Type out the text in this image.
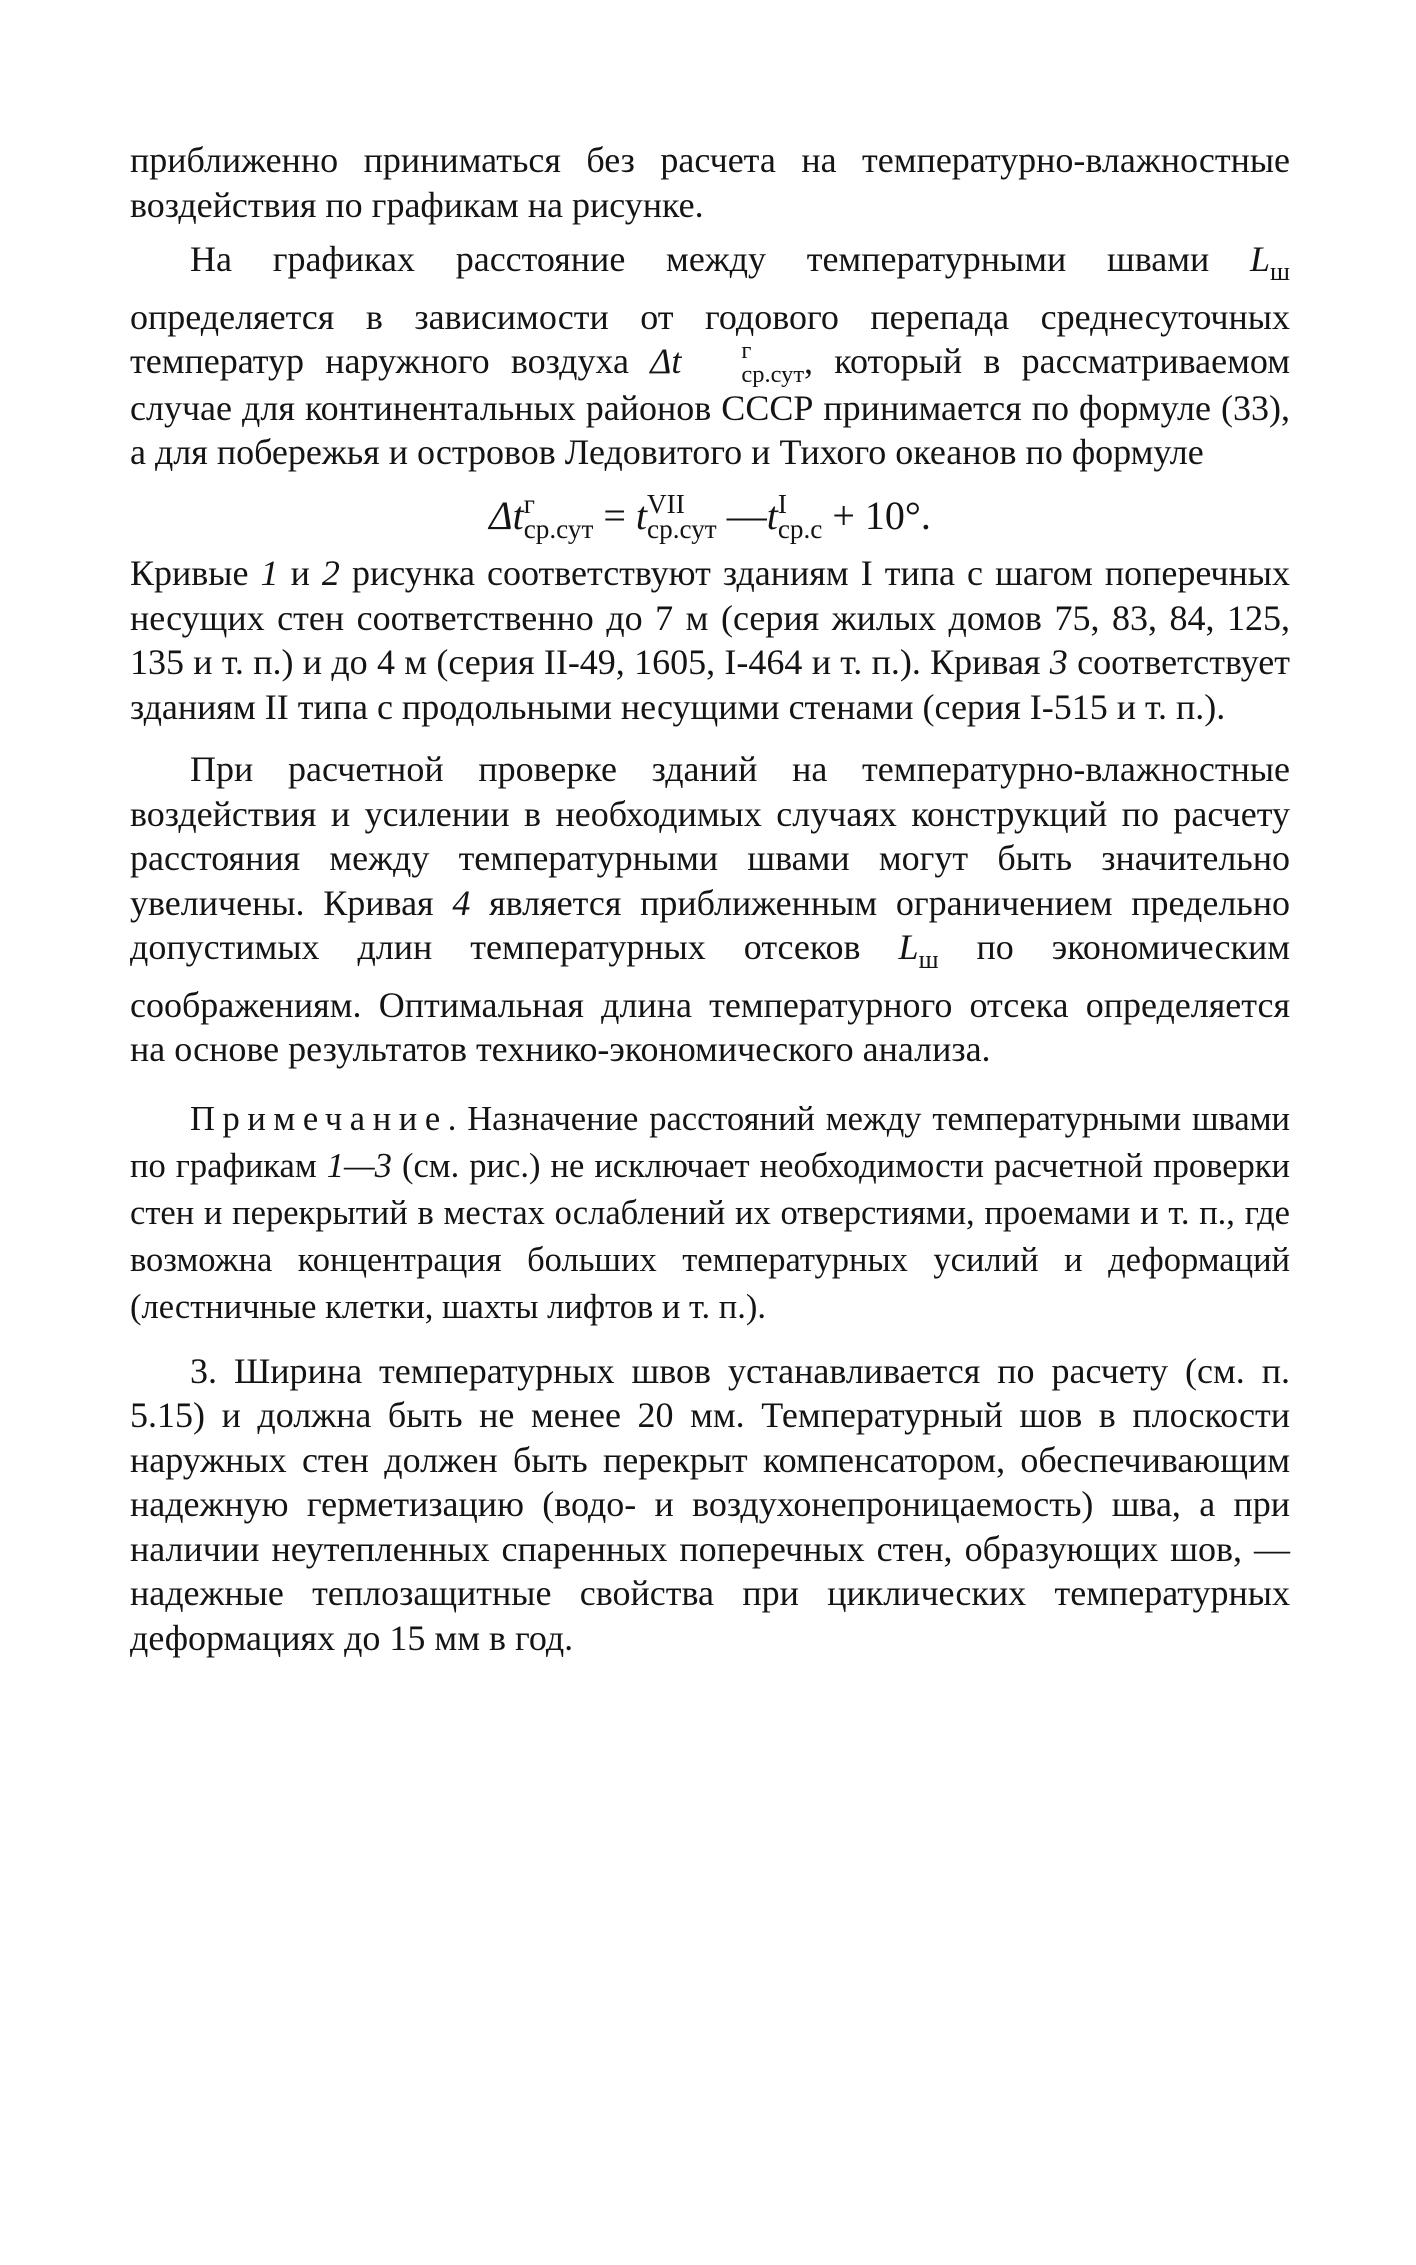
приближенно приниматься без расчета на температурно-влажностные воздействия по графикам на рисунке.

На графиках расстояние между температурными швами $L_ш$ определяется в зависимости от годового перепада среднесуточных температур наружного воздуха Δt	г
ср.сут , который в рассматриваемом случае для континентальных районов СССР принимается по формуле (33), а для побережья и островов Ледовитого и Тихого океанов по формуле

Δt г
ср.сут = t VII
ср.сут —t I
ср.с + 10°.

Кривые 1 и 2 рисунка соответствуют зданиям I типа с шагом поперечных несущих стен соответственно до 7 м (серия жилых домов 75, 83, 84, 125, 135 и т. п.) и до 4 м (серия II-49, 1605, I-464 и т. п.). Кривая 3 соответствует зданиям II типа с продольными несущими стенами (серия I-515 и т. п.).

При расчетной проверке зданий на температурно-влажностные воздействия и усилении в необходимых случаях конструкций по расчету расстояния между температурными швами могут быть значительно увеличены. Кривая 4 является приближенным ограничением предельно допустимых длин температурных отсеков $L_ш$ по экономическим соображениям. Оптимальная длина температурного отсека определяется на основе результатов технико-экономического анализа.

Примечание. Назначение расстояний между температурными швами по графикам 1—3 (см. рис.) не исключает необходимости расчетной проверки стен и перекрытий в местах ослаблений их отверстиями, проемами и т. п., где возможна концентрация больших температурных усилий и деформаций (лестничные клетки, шахты лифтов и т. п.).

3. Ширина температурных швов устанавливается по расчету (см. п. 5.15) и должна быть не менее 20 мм. Температурный шов в плоскости наружных стен должен быть перекрыт компенсатором, обеспечивающим надежную герметизацию (водо- и воздухонепроницаемость) шва, а при наличии неутепленных спаренных поперечных стен, образующих шов, — надежные теплозащитные свойства при циклических температурных деформациях до 15 мм в год.
